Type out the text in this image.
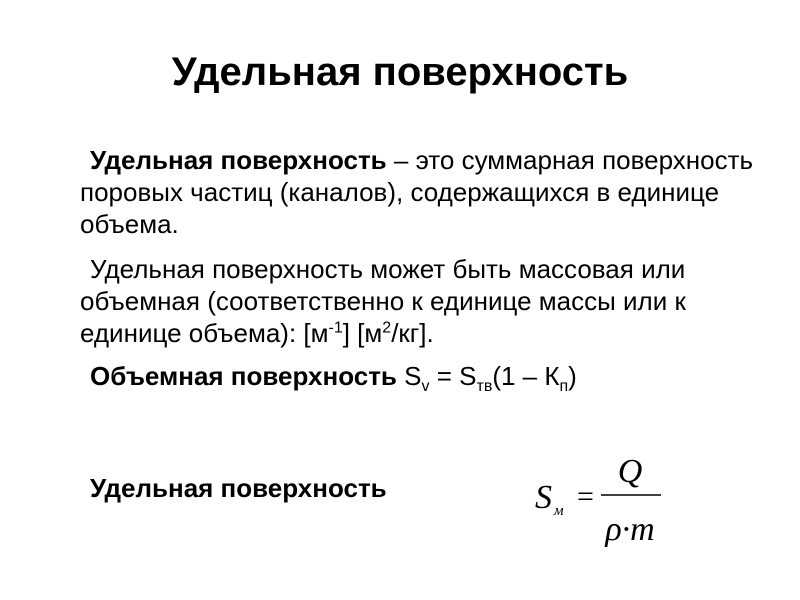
Удельная поверхность

Удельная поверхность – это суммарная поверхность поровых частиц (каналов), содержащихся в единице объема.

Удельная поверхность может быть массовая или объемная (соответственно к единице массы или к единице объема): $[м^{-1}]$ $[м^2/кг]$.

Объемная поверхность $S_v = S_{тв}(1 - К_п)$

Удельная поверхность	S м =
Q
ρ·m
